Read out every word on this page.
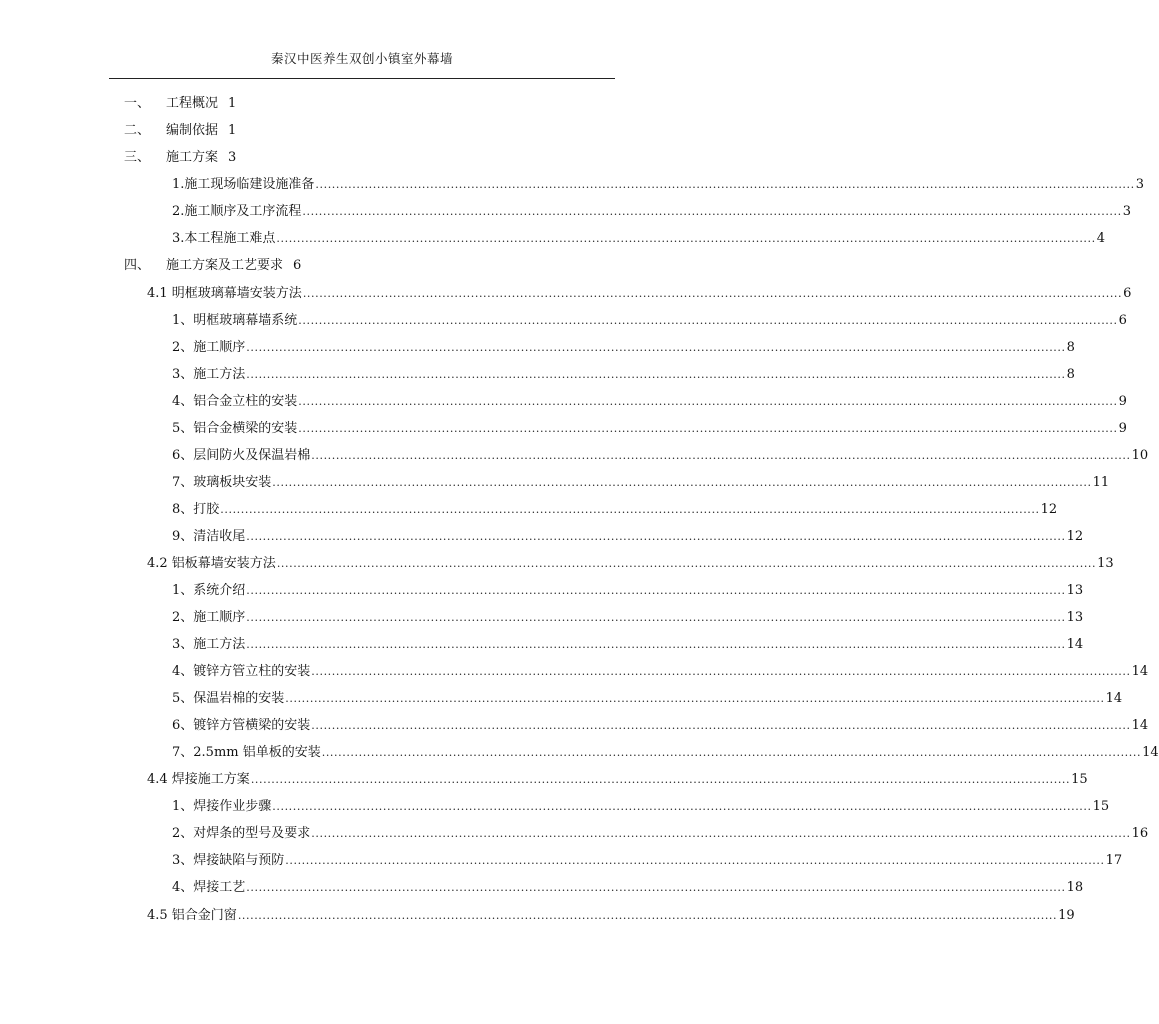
秦汉中医养生双创小镇室外幕墙
一、	工程概况 1
二、	编制依据 1
三、	施工方案 3
1.施工现场临建设施准备 ........................................................................................................................................................................................................ 3
2.施工顺序及工序流程 ........................................................................................................................................................................................................ 3
3.本工程施工难点 ........................................................................................................................................................................................................ 4
四、	施工方案及工艺要求 6
4.1 明框玻璃幕墙安装方法 ........................................................................................................................................................................................................ 6
1、明框玻璃幕墙系统 ........................................................................................................................................................................................................ 6
2、施工顺序 ........................................................................................................................................................................................................ 8
3、施工方法 ........................................................................................................................................................................................................ 8
4、铝合金立柱的安装 ........................................................................................................................................................................................................ 9
5、铝合金横梁的安装 ........................................................................................................................................................................................................ 9
6、层间防火及保温岩棉 ........................................................................................................................................................................................................ 10
7、玻璃板块安装 ........................................................................................................................................................................................................ 11
8、打胶 ........................................................................................................................................................................................................ 12
9、清洁收尾 ........................................................................................................................................................................................................ 12
4.2 铝板幕墙安装方法 ........................................................................................................................................................................................................ 13
1、系统介绍 ........................................................................................................................................................................................................ 13
2、施工顺序 ........................................................................................................................................................................................................ 13
3、施工方法 ........................................................................................................................................................................................................ 14
4、镀锌方管立柱的安装 ........................................................................................................................................................................................................ 14
5、保温岩棉的安装 ........................................................................................................................................................................................................ 14
6、镀锌方管横梁的安装 ........................................................................................................................................................................................................ 14
7、2.5mm 铝单板的安装 ........................................................................................................................................................................................................ 14
4.4 焊接施工方案 ........................................................................................................................................................................................................ 15
1、焊接作业步骤 ........................................................................................................................................................................................................ 15
2、对焊条的型号及要求 ........................................................................................................................................................................................................ 16
3、焊接缺陷与预防 ........................................................................................................................................................................................................ 17
4、焊接工艺 ........................................................................................................................................................................................................ 18
4.5 铝合金门窗 ........................................................................................................................................................................................................ 19
